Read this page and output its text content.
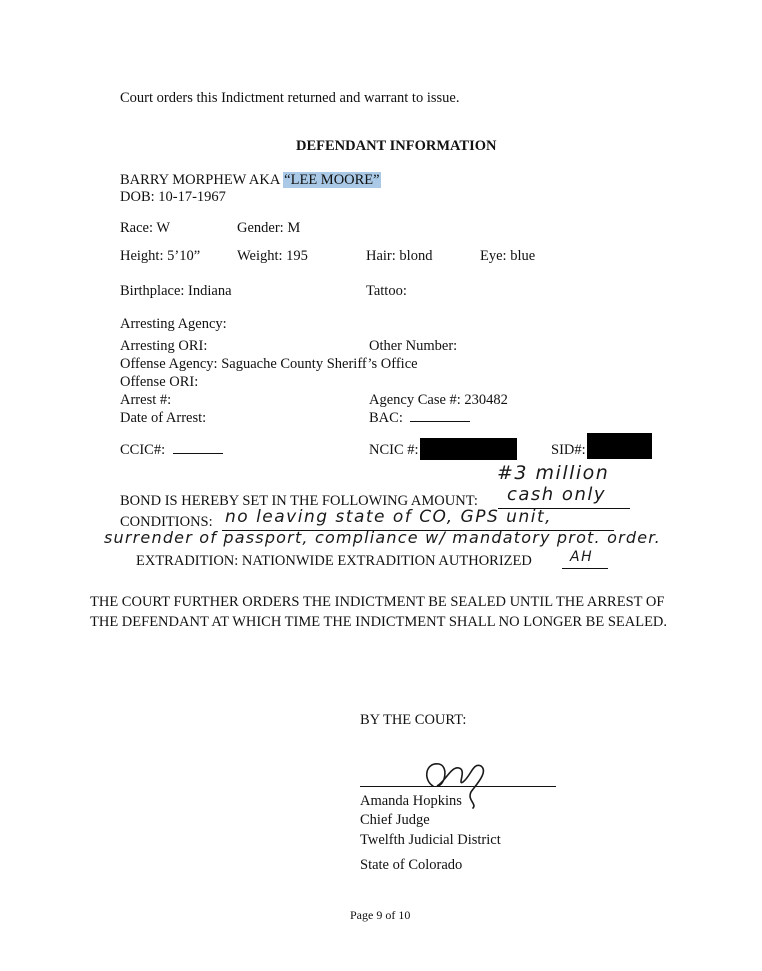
Court orders this Indictment returned and warrant to issue.
DEFENDANT INFORMATION
BARRY MORPHEW AKA “LEE MOORE”
DOB: 10-17-1967
Race: W	Gender: M
Height: 5’10”	Weight: 195	Hair: blond	Eye: blue
Birthplace: Indiana	Tattoo:
Arresting Agency:
Arresting ORI:	Other Number:
Offense Agency: Saguache County Sheriff’s Office
Offense ORI:
Arrest #:	Agency Case #: 230482
Date of Arrest:	BAC:
CCIC#:	NCIC #:	SID#:
#3 million
BOND IS HEREBY SET IN THE FOLLOWING AMOUNT: cash only
CONDITIONS: no leaving state of CO, GPS unit,
surrender of passport, compliance w/ mandatory prot. order.
EXTRADITION: NATIONWIDE EXTRADITION AUTHORIZED	AH
THE COURT FURTHER ORDERS THE INDICTMENT BE SEALED UNTIL THE ARREST OF THE DEFENDANT AT WHICH TIME THE INDICTMENT SHALL NO LONGER BE SEALED.
BY THE COURT:
Amanda Hopkins
Chief Judge
Twelfth Judicial District
State of Colorado
Page 9 of 10
